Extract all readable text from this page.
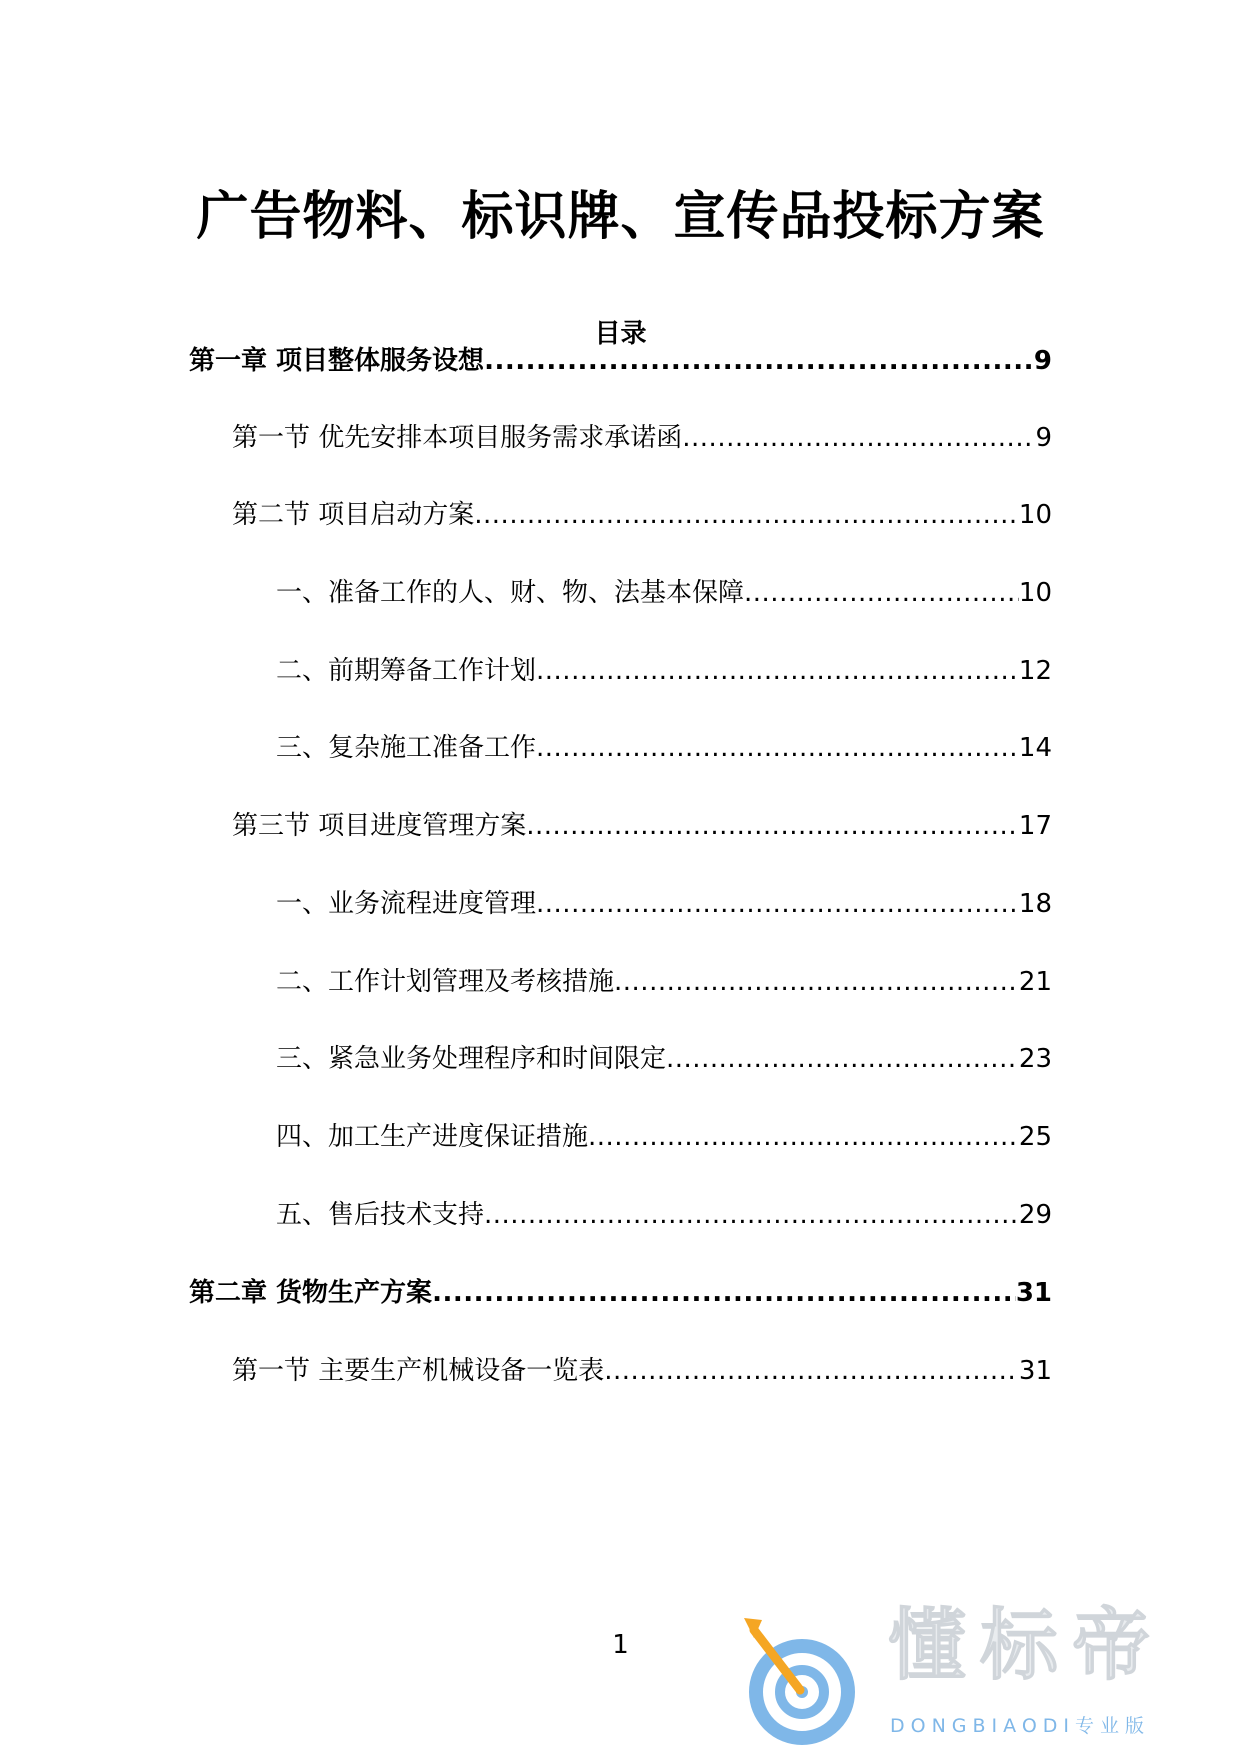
广告物料、标识牌、宣传品投标方案
目录
第一章 项目整体服务设想 .....	9
第一节 优先安排本项目服务需求承诺函 .....	9
第二节 项目启动方案 .....	10
一、准备工作的人、财、物、法基本保障 .....	10
二、前期筹备工作计划 .....	12
三、复杂施工准备工作 .....	14
第三节 项目进度管理方案 .....	17
一、业务流程进度管理 .....	18
二、工作计划管理及考核措施 .....	21
三、紧急业务处理程序和时间限定 .....	23
四、加工生产进度保证措施 .....	25
五、售后技术支持 .....	29
第二章 货物生产方案 .....	31
第一节 主要生产机械设备一览表 .....	31
1	懂标帝
DONGBIAODI专业版
